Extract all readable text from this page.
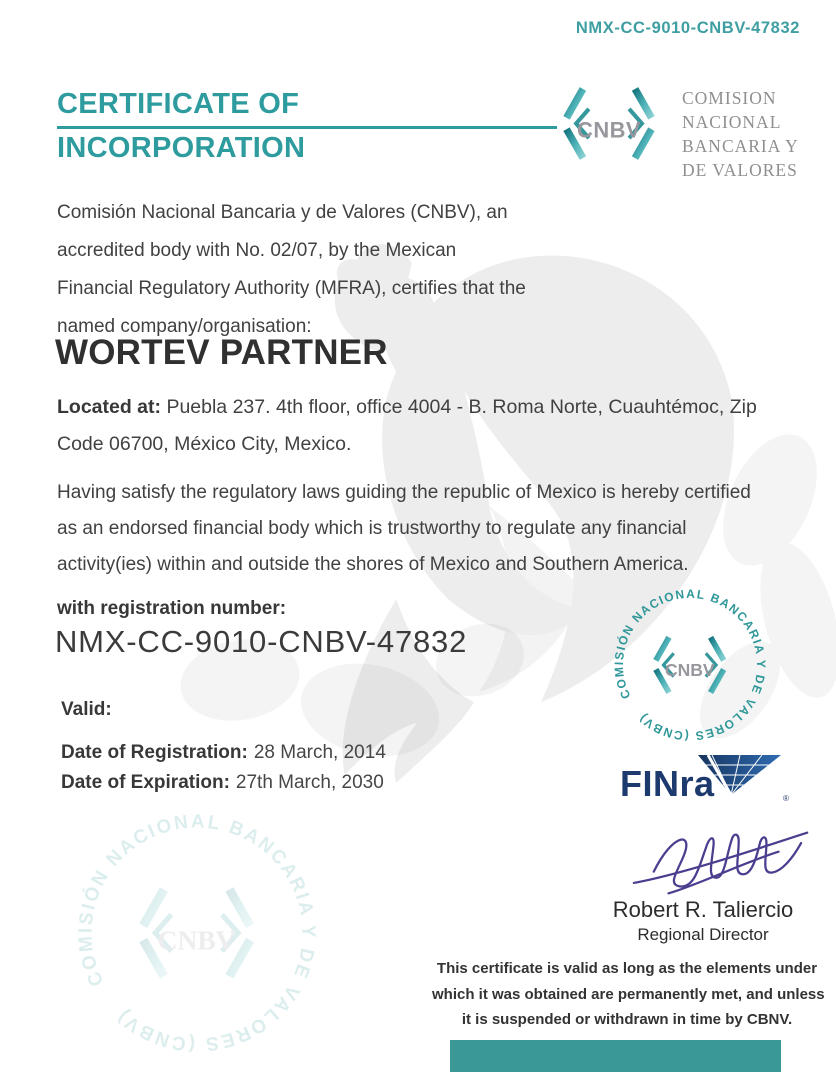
COMISIÓN NACIONAL BANCARIA Y DE VALORES (CNBV)
CNBV
NMX-CC-9010-CNBV-47832
CERTIFICATE OF
INCORPORATION
CNBV
COMISION
NACIONAL
BANCARIA Y
DE VALORES
Comisión Nacional Bancaria y de Valores (CNBV), an
accredited body with No. 02/07, by the Mexican
Financial Regulatory Authority (MFRA), certifies that the
named company/organisation:
WORTEV PARTNER
Located at: Puebla 237. 4th floor, office 4004 - B. Roma Norte, Cuauhtémoc, Zip
Code 06700, México City, Mexico.
Having satisfy the regulatory laws guiding the republic of Mexico is hereby certified
as an endorsed financial body which is trustworthy to regulate any financial
activity(ies) within and outside the shores of Mexico and Southern America.
with registration number:
NMX-CC-9010-CNBV-47832
Valid:
Date of Registration: 28 March, 2014
Date of Expiration: 27th March, 2030
COMISIÓN NACIONAL BANCARIA Y DE VALORES (CNBV)
CNBV
FINra	®
Robert R. Taliercio
Regional Director
This certificate is valid as long as the elements under
which it was obtained are permanently met, and unless
it is suspended or withdrawn in time by CBNV.
